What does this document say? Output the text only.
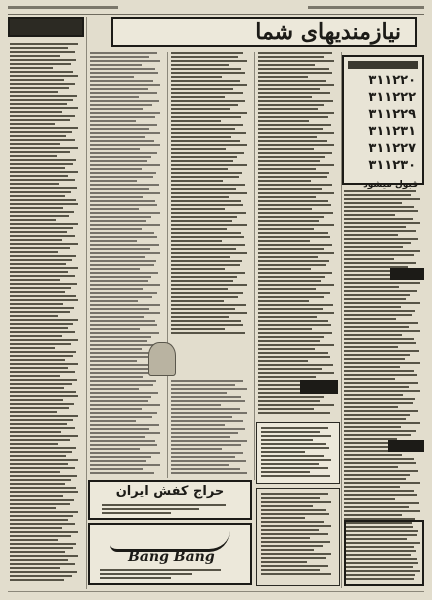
نیازمندیهای شما
۳۱۱۲۲۰
۳۱۱۲۲۲
۳۱۱۲۲۹
۳۱۱۲۳۱
۳۱۱۲۲۷
۳۱۱۲۳۰
قبول میشود
حراج کفش ایران
Bang Bang
